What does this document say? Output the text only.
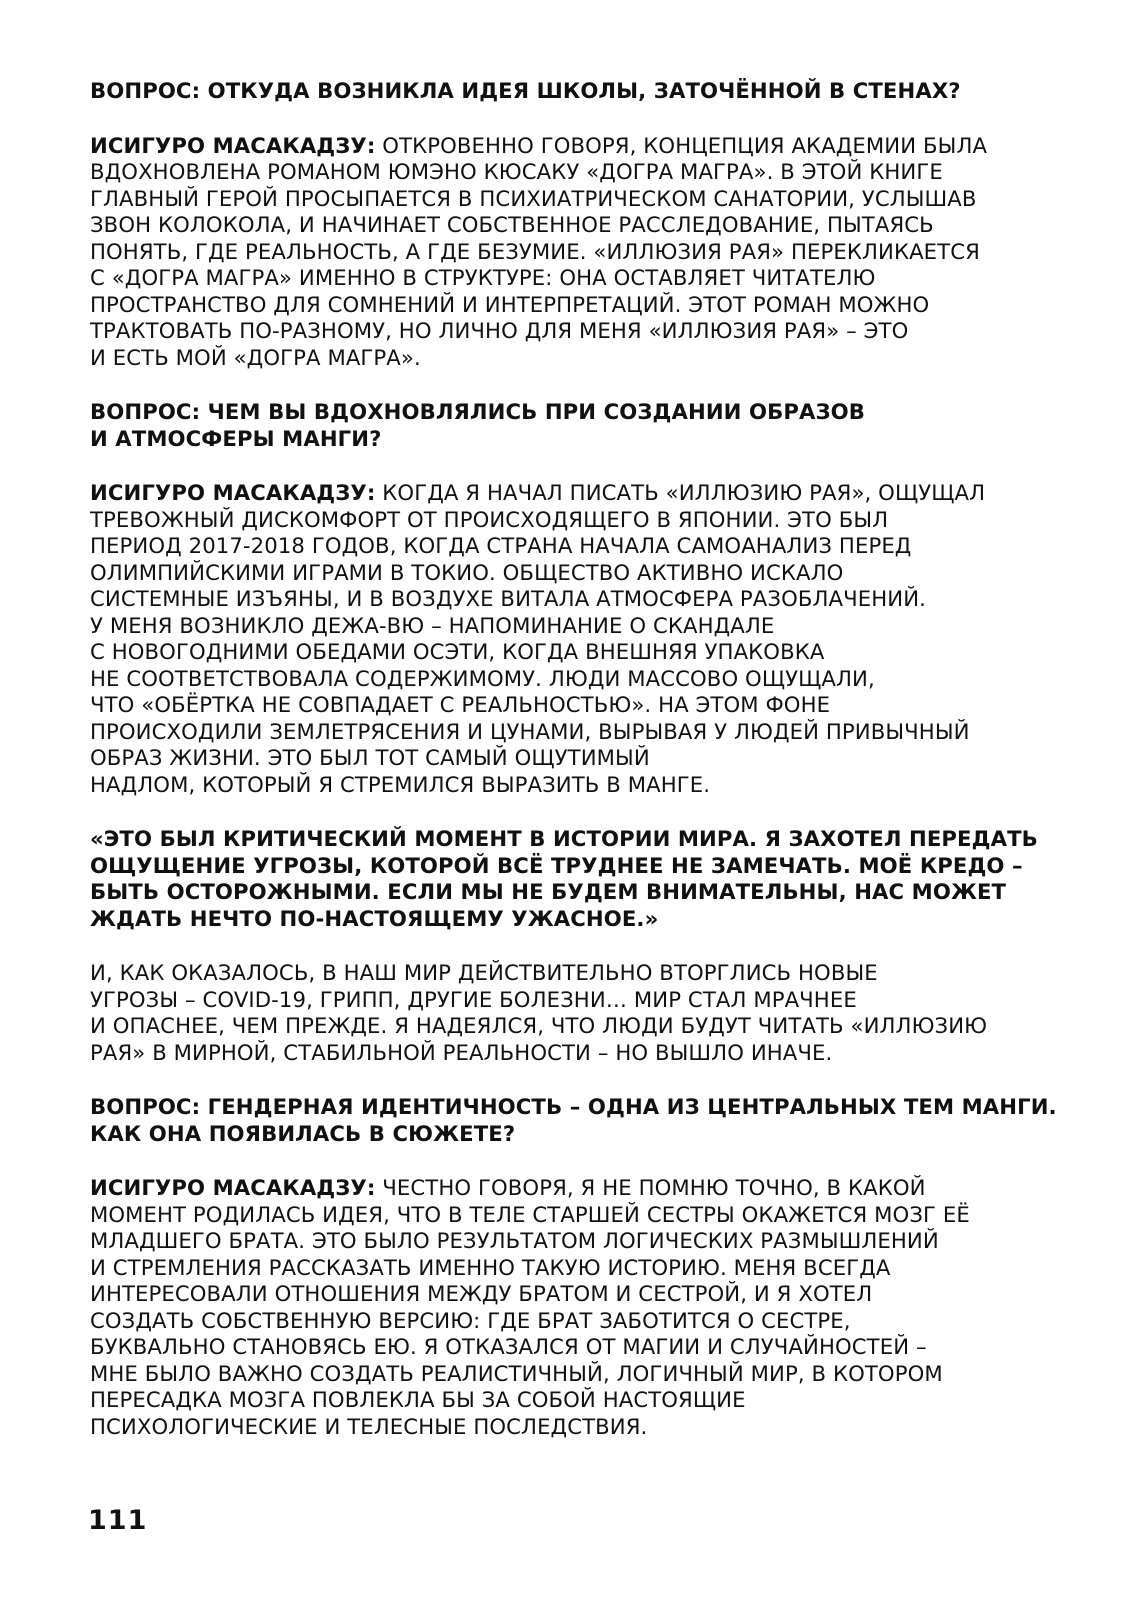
ВОПРОС: ОТКУДА ВОЗНИКЛА ИДЕЯ ШКОЛЫ, ЗАТОЧЁННОЙ В СТЕНАХ?
ИСИГУРО МАСАКАДЗУ: ОТКРОВЕННО ГОВОРЯ, КОНЦЕПЦИЯ АКАДЕМИИ БЫЛА
ВДОХНОВЛЕНА РОМАНОМ ЮМЭНО КЮСАКУ «ДОГРА МАГРА». В ЭТОЙ КНИГЕ
ГЛАВНЫЙ ГЕРОЙ ПРОСЫПАЕТСЯ В ПСИХИАТРИЧЕСКОМ САНАТОРИИ, УСЛЫШАВ
ЗВОН КОЛОКОЛА, И НАЧИНАЕТ СОБСТВЕННОЕ РАССЛЕДОВАНИЕ, ПЫТАЯСЬ
ПОНЯТЬ, ГДЕ РЕАЛЬНОСТЬ, А ГДЕ БЕЗУМИЕ. «ИЛЛЮЗИЯ РАЯ» ПЕРЕКЛИКАЕТСЯ
С «ДОГРА МАГРА» ИМЕННО В СТРУКТУРЕ: ОНА ОСТАВЛЯЕТ ЧИТАТЕЛЮ
ПРОСТРАНСТВО ДЛЯ СОМНЕНИЙ И ИНТЕРПРЕТАЦИЙ. ЭТОТ РОМАН МОЖНО
ТРАКТОВАТЬ ПО-РАЗНОМУ, НО ЛИЧНО ДЛЯ МЕНЯ «ИЛЛЮЗИЯ РАЯ» – ЭТО
И ЕСТЬ МОЙ «ДОГРА МАГРА».
ВОПРОС: ЧЕМ ВЫ ВДОХНОВЛЯЛИСЬ ПРИ СОЗДАНИИ ОБРАЗОВ
И АТМОСФЕРЫ МАНГИ?
ИСИГУРО МАСАКАДЗУ: КОГДА Я НАЧАЛ ПИСАТЬ «ИЛЛЮЗИЮ РАЯ», ОЩУЩАЛ
ТРЕВОЖНЫЙ ДИСКОМФОРТ ОТ ПРОИСХОДЯЩЕГО В ЯПОНИИ. ЭТО БЫЛ
ПЕРИОД 2017-2018 ГОДОВ, КОГДА СТРАНА НАЧАЛА САМОАНАЛИЗ ПЕРЕД
ОЛИМПИЙСКИМИ ИГРАМИ В ТОКИО. ОБЩЕСТВО АКТИВНО ИСКАЛО
СИСТЕМНЫЕ ИЗЪЯНЫ, И В ВОЗДУХЕ ВИТАЛА АТМОСФЕРА РАЗОБЛАЧЕНИЙ.
У МЕНЯ ВОЗНИКЛО ДЕЖА-ВЮ – НАПОМИНАНИЕ О СКАНДАЛЕ
С НОВОГОДНИМИ ОБЕДАМИ ОСЭТИ, КОГДА ВНЕШНЯЯ УПАКОВКА
НЕ СООТВЕТСТВОВАЛА СОДЕРЖИМОМУ. ЛЮДИ МАССОВО ОЩУЩАЛИ,
ЧТО «ОБЁРТКА НЕ СОВПАДАЕТ С РЕАЛЬНОСТЬЮ». НА ЭТОМ ФОНЕ
ПРОИСХОДИЛИ ЗЕМЛЕТРЯСЕНИЯ И ЦУНАМИ, ВЫРЫВАЯ У ЛЮДЕЙ ПРИВЫЧНЫЙ
ОБРАЗ ЖИЗНИ. ЭТО БЫЛ ТОТ САМЫЙ ОЩУТИМЫЙ
НАДЛОМ, КОТОРЫЙ Я СТРЕМИЛСЯ ВЫРАЗИТЬ В МАНГЕ.
«ЭТО БЫЛ КРИТИЧЕСКИЙ МОМЕНТ В ИСТОРИИ МИРА. Я ЗАХОТЕЛ ПЕРЕДАТЬ
ОЩУЩЕНИЕ УГРОЗЫ, КОТОРОЙ ВСЁ ТРУДНЕЕ НЕ ЗАМЕЧАТЬ. МОЁ КРЕДО –
БЫТЬ ОСТОРОЖНЫМИ. ЕСЛИ МЫ НЕ БУДЕМ ВНИМАТЕЛЬНЫ, НАС МОЖЕТ
ЖДАТЬ НЕЧТО ПО-НАСТОЯЩЕМУ УЖАСНОЕ.»
И, КАК ОКАЗАЛОСЬ, В НАШ МИР ДЕЙСТВИТЕЛЬНО ВТОРГЛИСЬ НОВЫЕ
УГРОЗЫ – COVID-19, ГРИПП, ДРУГИЕ БОЛЕЗНИ… МИР СТАЛ МРАЧНЕЕ
И ОПАСНЕЕ, ЧЕМ ПРЕЖДЕ. Я НАДЕЯЛСЯ, ЧТО ЛЮДИ БУДУТ ЧИТАТЬ «ИЛЛЮЗИЮ
РАЯ» В МИРНОЙ, СТАБИЛЬНОЙ РЕАЛЬНОСТИ – НО ВЫШЛО ИНАЧЕ.
ВОПРОС: ГЕНДЕРНАЯ ИДЕНТИЧНОСТЬ – ОДНА ИЗ ЦЕНТРАЛЬНЫХ ТЕМ МАНГИ.
КАК ОНА ПОЯВИЛАСЬ В СЮЖЕТЕ?
ИСИГУРО МАСАКАДЗУ: ЧЕСТНО ГОВОРЯ, Я НЕ ПОМНЮ ТОЧНО, В КАКОЙ
МОМЕНТ РОДИЛАСЬ ИДЕЯ, ЧТО В ТЕЛЕ СТАРШЕЙ СЕСТРЫ ОКАЖЕТСЯ МОЗГ ЕЁ
МЛАДШЕГО БРАТА. ЭТО БЫЛО РЕЗУЛЬТАТОМ ЛОГИЧЕСКИХ РАЗМЫШЛЕНИЙ
И СТРЕМЛЕНИЯ РАССКАЗАТЬ ИМЕННО ТАКУЮ ИСТОРИЮ. МЕНЯ ВСЕГДА
ИНТЕРЕСОВАЛИ ОТНОШЕНИЯ МЕЖДУ БРАТОМ И СЕСТРОЙ, И Я ХОТЕЛ
СОЗДАТЬ СОБСТВЕННУЮ ВЕРСИЮ: ГДЕ БРАТ ЗАБОТИТСЯ О СЕСТРЕ,
БУКВАЛЬНО СТАНОВЯСЬ ЕЮ. Я ОТКАЗАЛСЯ ОТ МАГИИ И СЛУЧАЙНОСТЕЙ –
МНЕ БЫЛО ВАЖНО СОЗДАТЬ РЕАЛИСТИЧНЫЙ, ЛОГИЧНЫЙ МИР, В КОТОРОМ
ПЕРЕСАДКА МОЗГА ПОВЛЕКЛА БЫ ЗА СОБОЙ НАСТОЯЩИЕ
ПСИХОЛОГИЧЕСКИЕ И ТЕЛЕСНЫЕ ПОСЛЕДСТВИЯ.
111
